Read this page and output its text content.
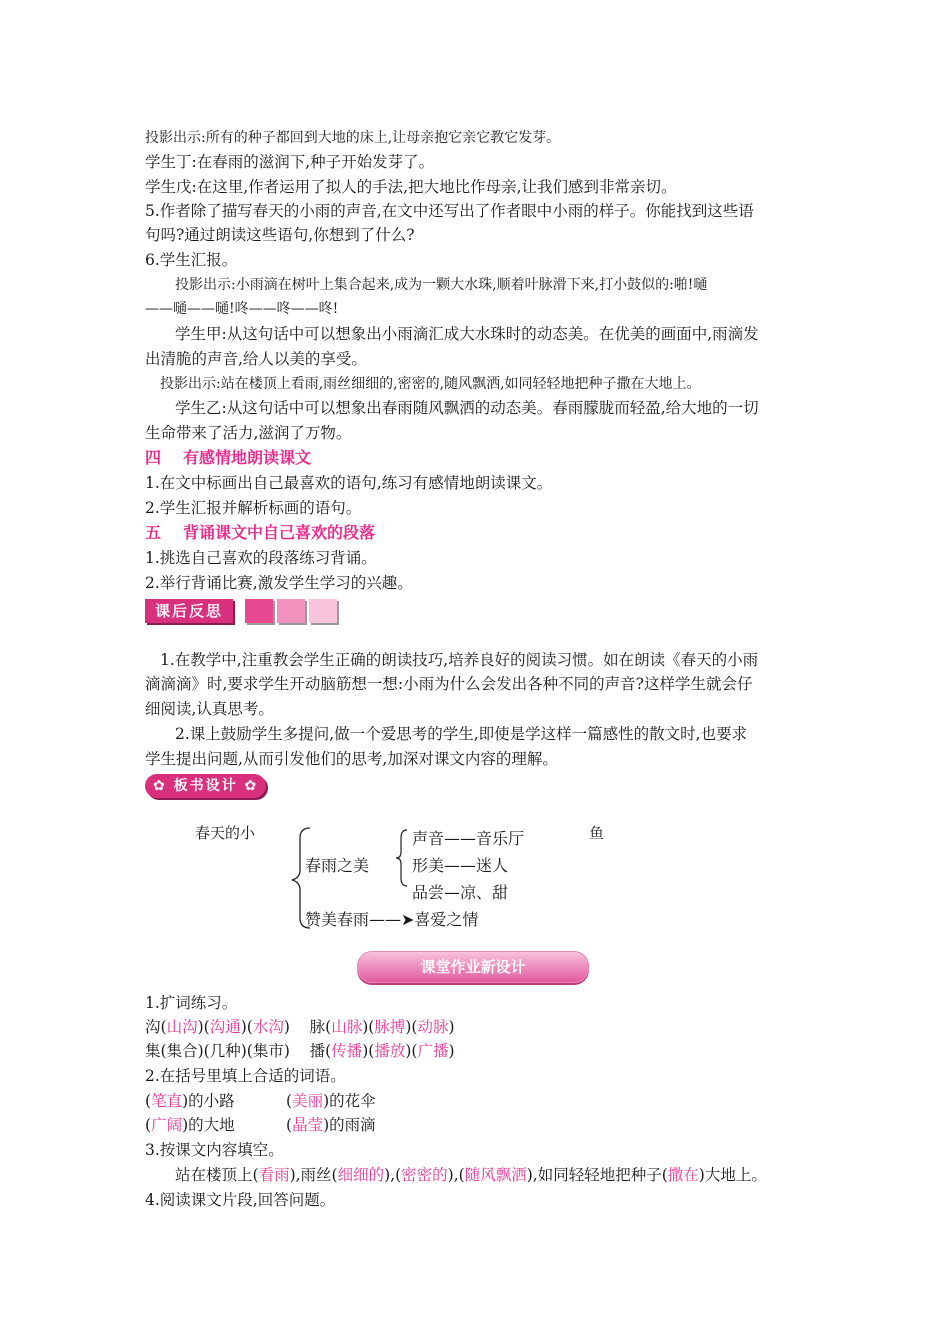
投影出示:所有的种子都回到大地的床上,让母亲抱它亲它教它发芽。
学生丁:在春雨的滋润下,种子开始发芽了。
学生戊:在这里,作者运用了拟人的手法,把大地比作母亲,让我们感到非常亲切。
5.作者除了描写春天的小雨的声音,在文中还写出了作者眼中小雨的样子。你能找到这些语
句吗?通过朗读这些语句,你想到了什么?
6.学生汇报。
投影出示:小雨滴在树叶上集合起来,成为一颗大水珠,顺着叶脉滑下来,打小鼓似的:啪!嗵
——嗵——嗵!咚——咚——咚!
学生甲:从这句话中可以想象出小雨滴汇成大水珠时的动态美。在优美的画面中,雨滴发
出清脆的声音,给人以美的享受。
投影出示:站在楼顶上看雨,雨丝细细的,密密的,随风飘洒,如同轻轻地把种子撒在大地上。
学生乙:从这句话中可以想象出春雨随风飘洒的动态美。春雨朦胧而轻盈,给大地的一切
生命带来了活力,滋润了万物。
四 有感情地朗读课文
1.在文中标画出自己最喜欢的语句,练习有感情地朗读课文。
2.学生汇报并解析标画的语句。
五 背诵课文中自己喜欢的段落
1.挑选自己喜欢的段落练习背诵。
2.举行背诵比赛,激发学生学习的兴趣。
课后反思
1.在教学中,注重教会学生正确的朗读技巧,培养良好的阅读习惯。如在朗读《春天的小雨
滴滴滴》时,要求学生开动脑筋想一想:小雨为什么会发出各种不同的声音?这样学生就会仔
细阅读,认真思考。
2.课上鼓励学生多提问,做一个爱思考的学生,即使是学这样一篇感性的散文时,也要求
学生提出问题,从而引发他们的思考,加深对课文内容的理解。
✿ 板书设计 ✿
春天的小	鱼
春雨之美
声音——音乐厅
形美——迷人
品尝—凉、甜
赞美春雨——➤喜爱之情
课堂作业新设计
1.扩词练习。
沟(山沟)(沟通)(水沟)    脉(山脉)(脉搏)(动脉)
集(集合)(几种)(集市)    播(传播)(播放)(广播)
2.在括号里填上合适的词语。
(笔直)的小路	(美丽)的花伞
(广阔)的大地	(晶莹)的雨滴
3.按课文内容填空。
站在楼顶上(看雨),雨丝(细细的),(密密的),(随风飘洒),如同轻轻地把种子(撒在)大地上。
4.阅读课文片段,回答问题。
